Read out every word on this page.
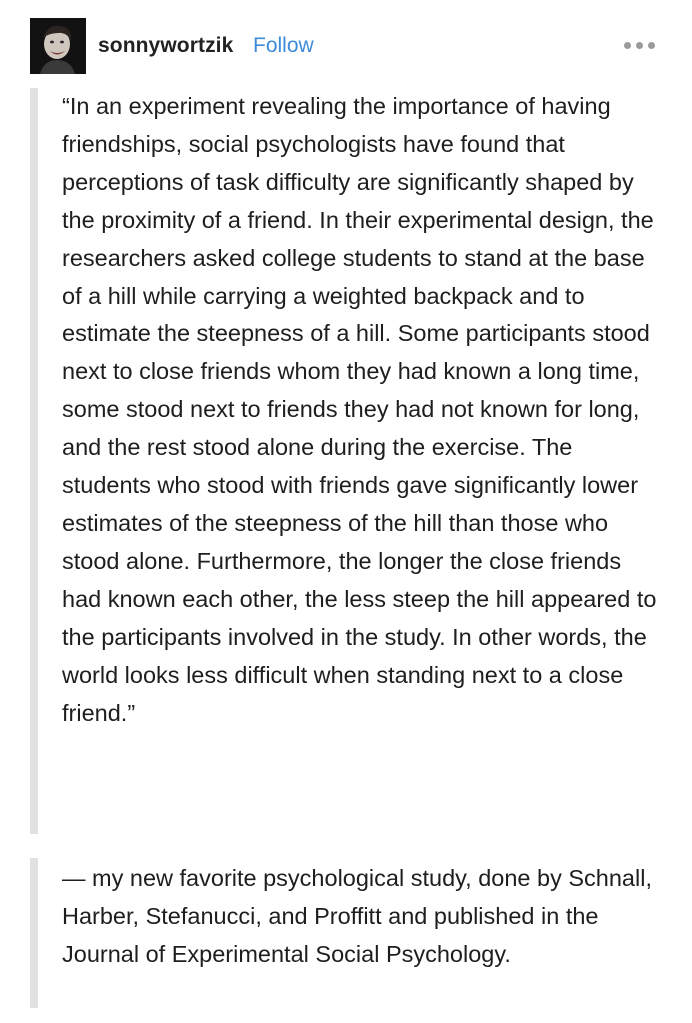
sonnywortzik Follow

“In an experiment revealing the importance of having friendships, social psychologists have found that perceptions of task difficulty are significantly shaped by the proximity of a friend. In their experimental design, the researchers asked college students to stand at the base of a hill while carrying a weighted backpack and to estimate the steepness of a hill. Some participants stood next to close friends whom they had known a long time, some stood next to friends they had not known for long, and the rest stood alone during the exercise. The students who stood with friends gave significantly lower estimates of the steepness of the hill than those who stood alone. Furthermore, the longer the close friends had known each other, the less steep the hill appeared to the participants involved in the study. In other words, the world looks less difficult when standing next to a close friend.”

— my new favorite psychological study, done by Schnall, Harber, Stefanucci, and Proffitt and published in the Journal of Experimental Social Psychology.
